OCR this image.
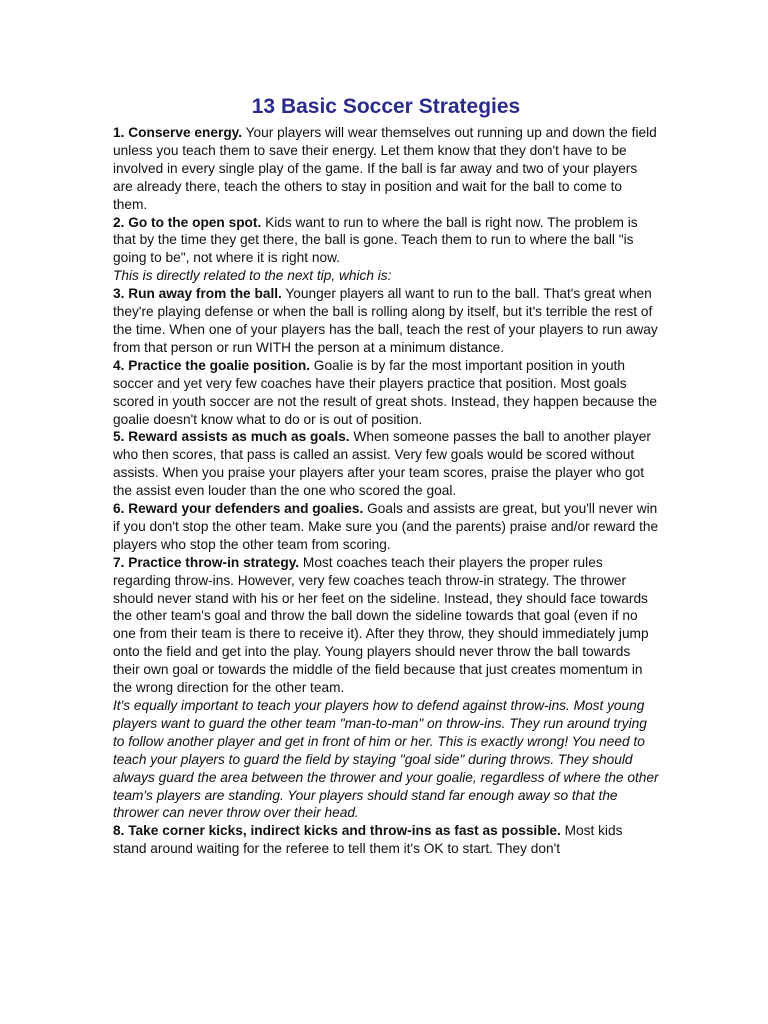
13 Basic Soccer Strategies

1. Conserve energy. Your players will wear themselves out running up and down the field unless you teach them to save their energy. Let them know that they don't have to be involved in every single play of the game. If the ball is far away and two of your players are already there, teach the others to stay in position and wait for the ball to come to them.

2. Go to the open spot. Kids want to run to where the ball is right now. The problem is that by the time they get there, the ball is gone. Teach them to run to where the ball "is going to be", not where it is right now.

This is directly related to the next tip, which is:

3. Run away from the ball. Younger players all want to run to the ball. That's great when they're playing defense or when the ball is rolling along by itself, but it's terrible the rest of the time. When one of your players has the ball, teach the rest of your players to run away from that person or run WITH the person at a minimum distance.

4. Practice the goalie position. Goalie is by far the most important position in youth soccer and yet very few coaches have their players practice that position. Most goals scored in youth soccer are not the result of great shots. Instead, they happen because the goalie doesn't know what to do or is out of position.

5. Reward assists as much as goals. When someone passes the ball to another player who then scores, that pass is called an assist. Very few goals would be scored without assists. When you praise your players after your team scores, praise the player who got the assist even louder than the one who scored the goal.

6. Reward your defenders and goalies. Goals and assists are great, but you'll never win if you don't stop the other team. Make sure you (and the parents) praise and/or reward the players who stop the other team from scoring.

7. Practice throw-in strategy. Most coaches teach their players the proper rules regarding throw-ins. However, very few coaches teach throw-in strategy. The thrower should never stand with his or her feet on the sideline. Instead, they should face towards the other team's goal and throw the ball down the sideline towards that goal (even if no one from their team is there to receive it). After they throw, they should immediately jump onto the field and get into the play. Young players should never throw the ball towards their own goal or towards the middle of the field because that just creates momentum in the wrong direction for the other team.

It's equally important to teach your players how to defend against throw-ins. Most young players want to guard the other team "man-to-man" on throw-ins. They run around trying to follow another player and get in front of him or her. This is exactly wrong! You need to teach your players to guard the field by staying "goal side" during throws. They should always guard the area between the thrower and your goalie, regardless of where the other team's players are standing. Your players should stand far enough away so that the thrower can never throw over their head.

8. Take corner kicks, indirect kicks and throw-ins as fast as possible. Most kids stand around waiting for the referee to tell them it's OK to start. They don't
